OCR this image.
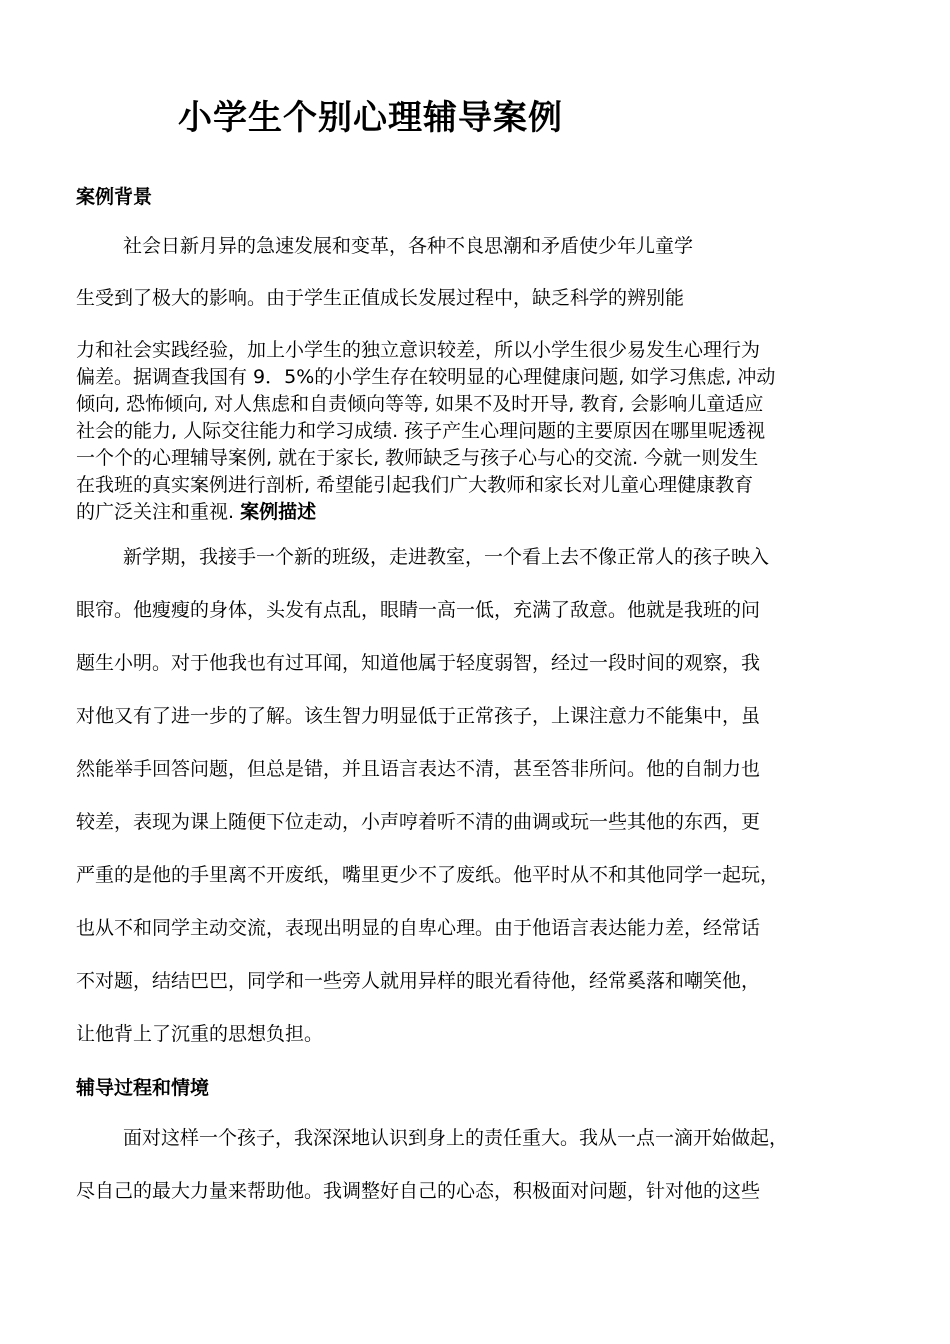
小学生个别心理辅导案例
案例背景
社会日新月异的急速发展和变革，各种不良思潮和矛盾使少年儿童学
生受到了极大的影响。由于学生正值成长发展过程中，缺乏科学的辨别能
力和社会实践经验，加上小学生的独立意识较差，所以小学生很少易发生心理行为
偏差。据调查我国有 9．5%的小学生存在较明显的心理健康问题, 如学习焦虑, 冲动
倾向, 恐怖倾向, 对人焦虑和自责倾向等等, 如果不及时开导, 教育, 会影响儿童适应
社会的能力, 人际交往能力和学习成绩. 孩子产生心理问题的主要原因在哪里呢透视
一个个的心理辅导案例, 就在于家长, 教师缺乏与孩子心与心的交流. 今就一则发生
在我班的真实案例进行剖析, 希望能引起我们广大教师和家长对儿童心理健康教育
的广泛关注和重视. 案例描述
新学期，我接手一个新的班级，走进教室，一个看上去不像正常人的孩子映入
眼帘。他瘦瘦的身体，头发有点乱，眼睛一高一低，充满了敌意。他就是我班的问
题生小明。对于他我也有过耳闻，知道他属于轻度弱智，经过一段时间的观察，我
对他又有了进一步的了解。该生智力明显低于正常孩子，上课注意力不能集中，虽
然能举手回答问题，但总是错，并且语言表达不清，甚至答非所问。他的自制力也
较差，表现为课上随便下位走动，小声哼着听不清的曲调或玩一些其他的东西，更
严重的是他的手里离不开废纸，嘴里更少不了废纸。他平时从不和其他同学一起玩，
也从不和同学主动交流，表现出明显的自卑心理。由于他语言表达能力差，经常话
不对题，结结巴巴，同学和一些旁人就用异样的眼光看待他，经常奚落和嘲笑他，
让他背上了沉重的思想负担。
辅导过程和情境
面对这样一个孩子，我深深地认识到身上的责任重大。我从一点一滴开始做起，
尽自己的最大力量来帮助他。我调整好自己的心态，积极面对问题，针对他的这些
